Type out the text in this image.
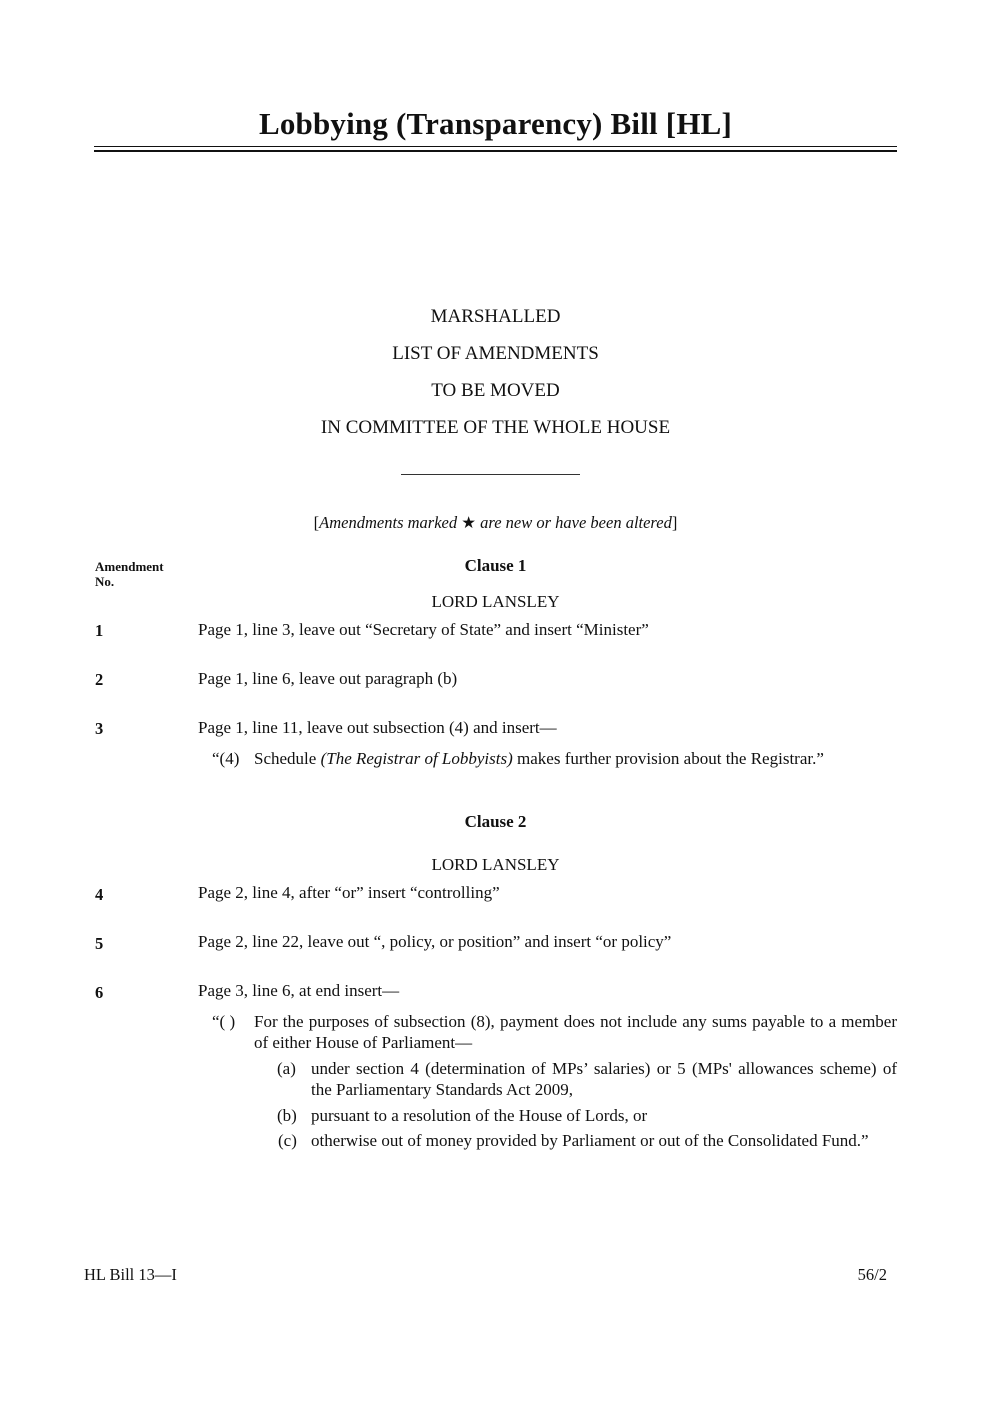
Lobbying (Transparency) Bill [HL]
MARSHALLED
LIST OF AMENDMENTS
TO BE MOVED
IN COMMITTEE OF THE WHOLE HOUSE
[Amendments marked ★ are new or have been altered]
Amendment
No.
Clause 1
LORD LANSLEY
1	Page 1, line 3, leave out “Secretary of State” and insert “Minister”
2	Page 1, line 6, leave out paragraph (b)
3	Page 1, line 11, leave out subsection (4) and insert—
“(4) Schedule (The Registrar of Lobbyists) makes further provision about the Registrar.”
Clause 2
LORD LANSLEY
4	Page 2, line 4, after “or” insert “controlling”
5	Page 2, line 22, leave out “, policy, or position” and insert “or policy”
6	Page 3, line 6, at end insert—
“( ) For the purposes of subsection (8), payment does not include any sums payable to a member of either House of Parliament—
(a) under section 4 (determination of MPs’ salaries) or 5 (MPs' allowances scheme) of the Parliamentary Standards Act 2009,
(b) pursuant to a resolution of the House of Lords, or
(c) otherwise out of money provided by Parliament or out of the Consolidated Fund.”
HL Bill 13—I	56/2
